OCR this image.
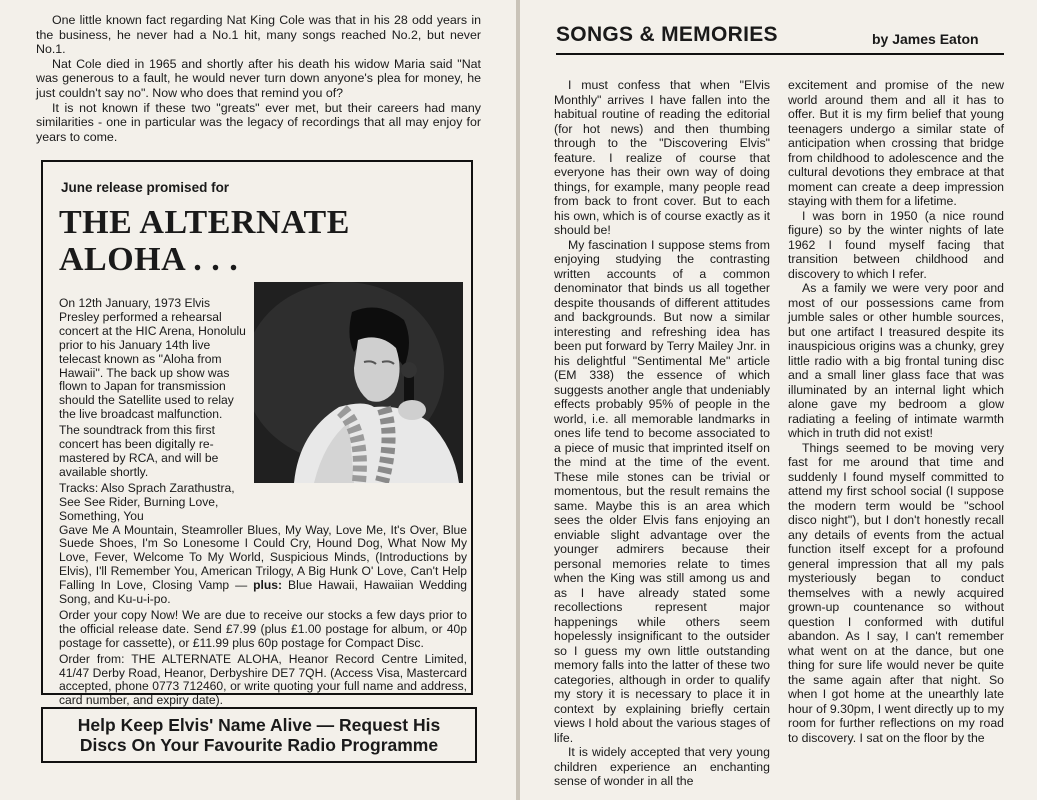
One little known fact regarding Nat King Cole was that in his 28 odd years in the business, he never had a No.1 hit, many songs reached No.2, but never No.1.

Nat Cole died in 1965 and shortly after his death his widow Maria said "Nat was generous to a fault, he would never turn down anyone's plea for money, he just couldn't say no". Now who does that remind you of?

It is not known if these two "greats" ever met, but their careers had many similarities - one in particular was the legacy of recordings that all may enjoy for years to come.

June release promised for

THE ALTERNATE ALOHA . . .

On 12th January, 1973 Elvis Presley performed a rehearsal concert at the HIC Arena, Honolulu prior to his January 14th live telecast known as ''Aloha from Hawaii''. The back up show was flown to Japan for transmission should the Satellite used to relay the live broadcast malfunction.

The soundtrack from this first concert has been digitally re-mastered by RCA, and will be available shortly.

Tracks: Also Sprach Zarathustra, See See Rider, Burning Love, Something, You

Gave Me A Mountain, Steamroller Blues, My Way, Love Me, It's Over, Blue Suede Shoes, I'm So Lonesome I Could Cry, Hound Dog, What Now My Love, Fever, Welcome To My World, Suspicious Minds, (Introductions by Elvis), I'll Remember You, American Trilogy, A Big Hunk O' Love, Can't Help Falling In Love, Closing Vamp — plus: Blue Hawaii, Hawaiian Wedding Song, and Ku-u-i-po.

Order your copy Now! We are due to receive our stocks a few days prior to the official release date. Send £7.99 (plus £1.00 postage for album, or 40p postage for cassette), or £11.99 plus 60p postage for Compact Disc.

Order from: THE ALTERNATE ALOHA, Heanor Record Centre Limited, 41/47 Derby Road, Heanor, Derbyshire DE7 7QH. (Access Visa, Mastercard accepted, phone 0773 712460, or write quoting your full name and address, card number, and expiry date).

Help Keep Elvis' Name Alive — Request His
Discs On Your Favourite Radio Programme
SONGS & MEMORIES	by James Eaton

I must confess that when "Elvis Monthly" arrives I have fallen into the habitual routine of reading the editorial (for hot news) and then thumbing through to the "Discovering Elvis" feature. I realize of course that everyone has their own way of doing things, for example, many people read from back to front cover. But to each his own, which is of course exactly as it should be!

My fascination I suppose stems from enjoying studying the contrasting written accounts of a common denominator that binds us all together despite thousands of different attitudes and backgrounds. But now a similar interesting and refreshing idea has been put forward by Terry Mailey Jnr. in his delightful "Sentimental Me" article (EM 338) the essence of which suggests another angle that undeniably effects probably 95% of people in the world, i.e. all memorable landmarks in ones life tend to become associated to a piece of music that imprinted itself on the mind at the time of the event. These mile stones can be trivial or momentous, but the result remains the same. Maybe this is an area which sees the older Elvis fans enjoying an enviable slight advantage over the younger admirers because their personal memories relate to times when the King was still among us and as I have already stated some recollections represent major happenings while others seem hopelessly insignificant to the outsider so I guess my own little outstanding memory falls into the latter of these two categories, although in order to qualify my story it is necessary to place it in context by explaining briefly certain views I hold about the various stages of life.

It is widely accepted that very young children experience an enchanting sense of wonder in all the

excitement and promise of the new world around them and all it has to offer. But it is my firm belief that young teenagers undergo a similar state of anticipation when crossing that bridge from childhood to adolescence and the cultural devotions they embrace at that moment can create a deep impression staying with them for a lifetime.

I was born in 1950 (a nice round figure) so by the winter nights of late 1962 I found myself facing that transition between childhood and discovery to which I refer.

As a family we were very poor and most of our possessions came from jumble sales or other humble sources, but one artifact I treasured despite its inauspicious origins was a chunky, grey little radio with a big frontal tuning disc and a small liner glass face that was illuminated by an internal light which alone gave my bedroom a glow radiating a feeling of intimate warmth which in truth did not exist!

Things seemed to be moving very fast for me around that time and suddenly I found myself committed to attend my first school social (I suppose the modern term would be "school disco night"), but I don't honestly recall any details of events from the actual function itself except for a profound general impression that all my pals mysteriously began to conduct themselves with a newly acquired grown-up countenance so without question I conformed with dutiful abandon. As I say, I can't remember what went on at the dance, but one thing for sure life would never be quite the same again after that night. So when I got home at the unearthly late hour of 9.30pm, I went directly up to my room for further reflections on my road to discovery. I sat on the floor by the
